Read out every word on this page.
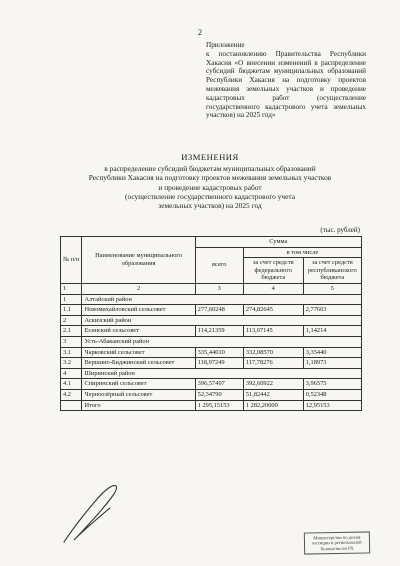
2
Приложение
к постановлению Правительства Республики Хакасия «О внесении изменений в распределение субсидий бюджетам муниципальных образований Республики Хакасия на подготовку проектов межевания земельных участков и проведение кадастровых работ (осуществление государственного кадастрового учета земельных участков) на 2025 год»
ИЗМЕНЕНИЯ
в распределение субсидий бюджетам муниципальных образований
Республики Хакасия на подготовку проектов межевания земельных участков
и проведение кадастровых работ
(осуществление государственного кадастрового учета
земельных участков) на 2025 год
(тыс. рублей)
№ п/п	Наименование муниципального образования	Сумма		
		всего	в том числе	
			за счет средств федерального бюджета	за счет средств республиканского бюджета
1	2	3	4	5
1	Алтайский район			
1.1	Новомихайловский сельсовет	277,60248	274,82645	2,77603
2	Аскизский район			
2.1	Есинский сельсовет	114,21359	113,07145	1,14214
3	Усть-Абаканский район			
3.1	Чарковский сельсовет	335,44010	332,08570	3,35440
3.2	Вершино-Биджинский сельсовет	118,97249	117,78276	1,18973
4	Ширинский район			
4.1	Спиринский сельсовет	396,57497	392,60922	3,96575
4.2	Черноозёрный сельсовет	52,34790	51,82442	0,52348
	Итого	1 295,15153	1 282,20000	12,95153
Министерство по делам
юстиции и региональной
безопасности РХ
